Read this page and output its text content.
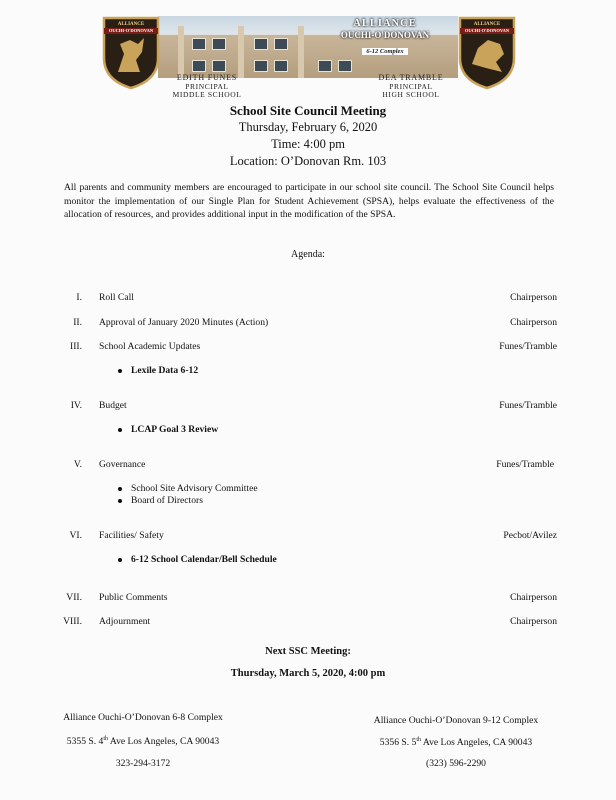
ALLIANCE
OUCHI-O'DONOVAN
ALLIANCE
OUCHI-O'DONOVAN
6-12 Complex
ALLIANCE
OUCHI-O'DONOVAN
EDITH FUNES
PRINCIPAL
MIDDLE SCHOOL
DEA TRAMBLE
PRINCIPAL
HIGH SCHOOL
School Site Council Meeting
Thursday, February 6, 2020
Time: 4:00 pm
Location: O’Donovan Rm. 103
All parents and community members are encouraged to participate in our school site council. The School Site Council helps monitor the implementation of our Single Plan for Student Achievement (SPSA), helps evaluate the effectiveness of the allocation of resources, and provides additional input in the modification of the SPSA.
Agenda:
I. Roll Call	Chairperson
II. Approval of January 2020 Minutes (Action)	Chairperson
III. School Academic Updates	Funes/Tramble
Lexile Data 6-12
IV. Budget	Funes/Tramble
LCAP Goal 3 Review
V. Governance	Funes/Tramble
School Site Advisory Committee
Board of Directors
VI. Facilities/ Safety	Pecbot/Avilez
6-12 School Calendar/Bell Schedule
VII. Public Comments	Chairperson
VIII. Adjournment	Chairperson
Next SSC Meeting:
Thursday, March 5, 2020, 4:00 pm
Alliance Ouchi-O’Donovan 6-8 Complex
5355 S. 4th Ave Los Angeles, CA 90043
323-294-3172
Alliance Ouchi-O’Donovan 9-12 Complex
5356 S. 5th Ave Los Angeles, CA 90043
(323) 596-2290
